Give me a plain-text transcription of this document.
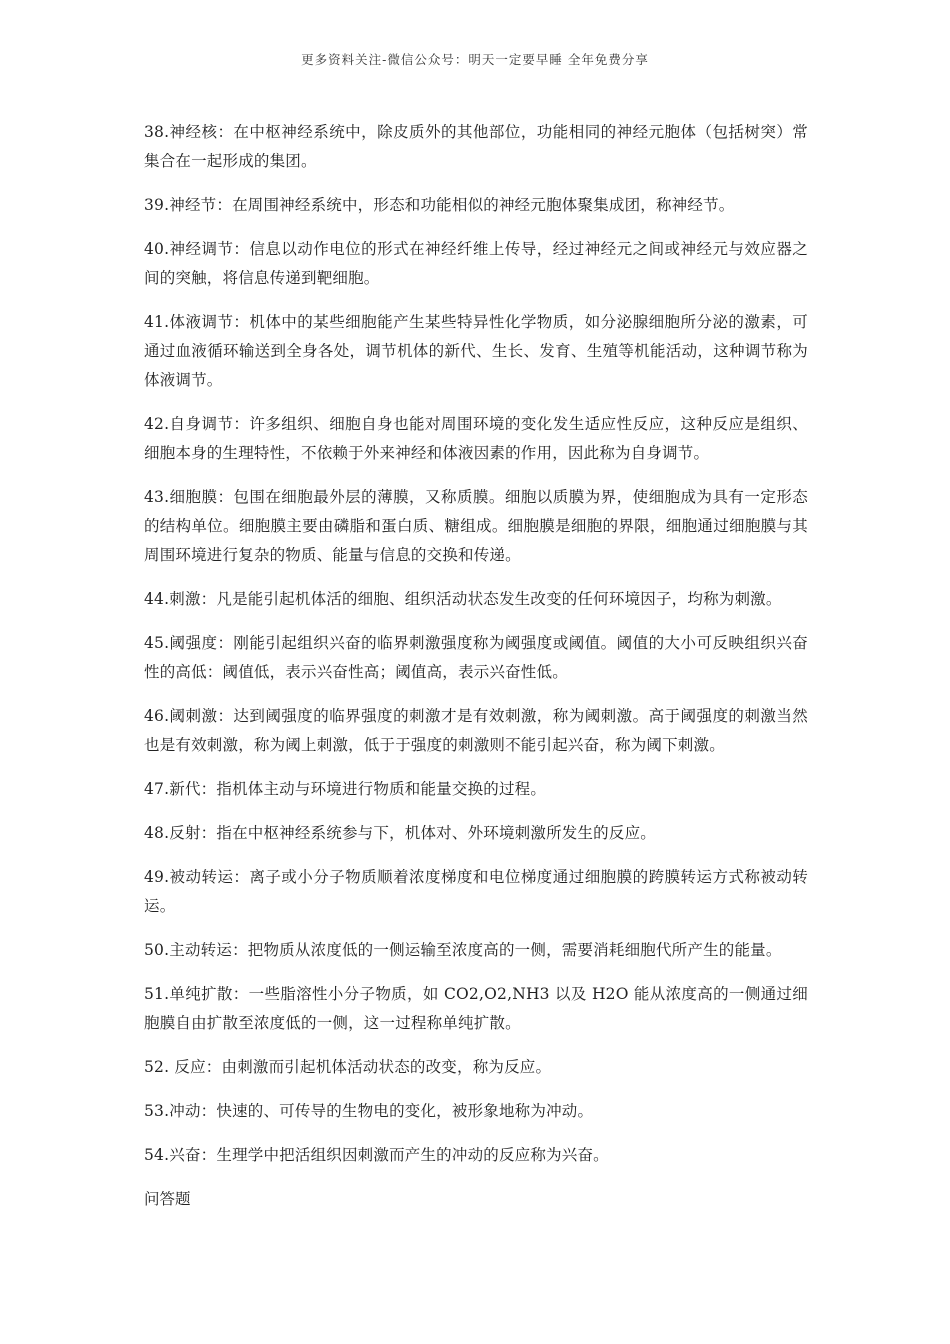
更多资料关注-微信公众号：明天一定要早睡 全年免费分享

38.神经核：在中枢神经系统中，除皮质外的其他部位，功能相同的神经元胞体（包括树突）常集合在一起形成的集团。

39.神经节：在周围神经系统中，形态和功能相似的神经元胞体聚集成团，称神经节。

40.神经调节：信息以动作电位的形式在神经纤维上传导，经过神经元之间或神经元与效应器之间的突触，将信息传递到靶细胞。

41.体液调节：机体中的某些细胞能产生某些特异性化学物质，如分泌腺细胞所分泌的激素，可通过血液循环输送到全身各处，调节机体的新代、生长、发育、生殖等机能活动，这种调节称为体液调节。

42.自身调节：许多组织、细胞自身也能对周围环境的变化发生适应性反应，这种反应是组织、细胞本身的生理特性，不依赖于外来神经和体液因素的作用，因此称为自身调节。

43.细胞膜：包围在细胞最外层的薄膜，又称质膜。细胞以质膜为界，使细胞成为具有一定形态的结构单位。细胞膜主要由磷脂和蛋白质、糖组成。细胞膜是细胞的界限，细胞通过细胞膜与其周围环境进行复杂的物质、能量与信息的交换和传递。

44.刺激：凡是能引起机体活的细胞、组织活动状态发生改变的任何环境因子，均称为刺激。

45.阈强度：刚能引起组织兴奋的临界刺激强度称为阈强度或阈值。阈值的大小可反映组织兴奋性的高低：阈值低，表示兴奋性高；阈值高，表示兴奋性低。

46.阈刺激：达到阈强度的临界强度的刺激才是有效刺激，称为阈刺激。高于阈强度的刺激当然也是有效刺激，称为阈上刺激，低于于强度的刺激则不能引起兴奋，称为阈下刺激。

47.新代：指机体主动与环境进行物质和能量交换的过程。

48.反射：指在中枢神经系统参与下，机体对、外环境刺激所发生的反应。

49.被动转运：离子或小分子物质顺着浓度梯度和电位梯度通过细胞膜的跨膜转运方式称被动转运。

50.主动转运：把物质从浓度低的一侧运输至浓度高的一侧，需要消耗细胞代所产生的能量。

51.单纯扩散：一些脂溶性小分子物质，如 CO2,O2,NH3 以及 H2O 能从浓度高的一侧通过细胞膜自由扩散至浓度低的一侧，这一过程称单纯扩散。

52. 反应：由刺激而引起机体活动状态的改变，称为反应。

53.冲动：快速的、可传导的生物电的变化，被形象地称为冲动。

54.兴奋：生理学中把活组织因刺激而产生的冲动的反应称为兴奋。

问答题
